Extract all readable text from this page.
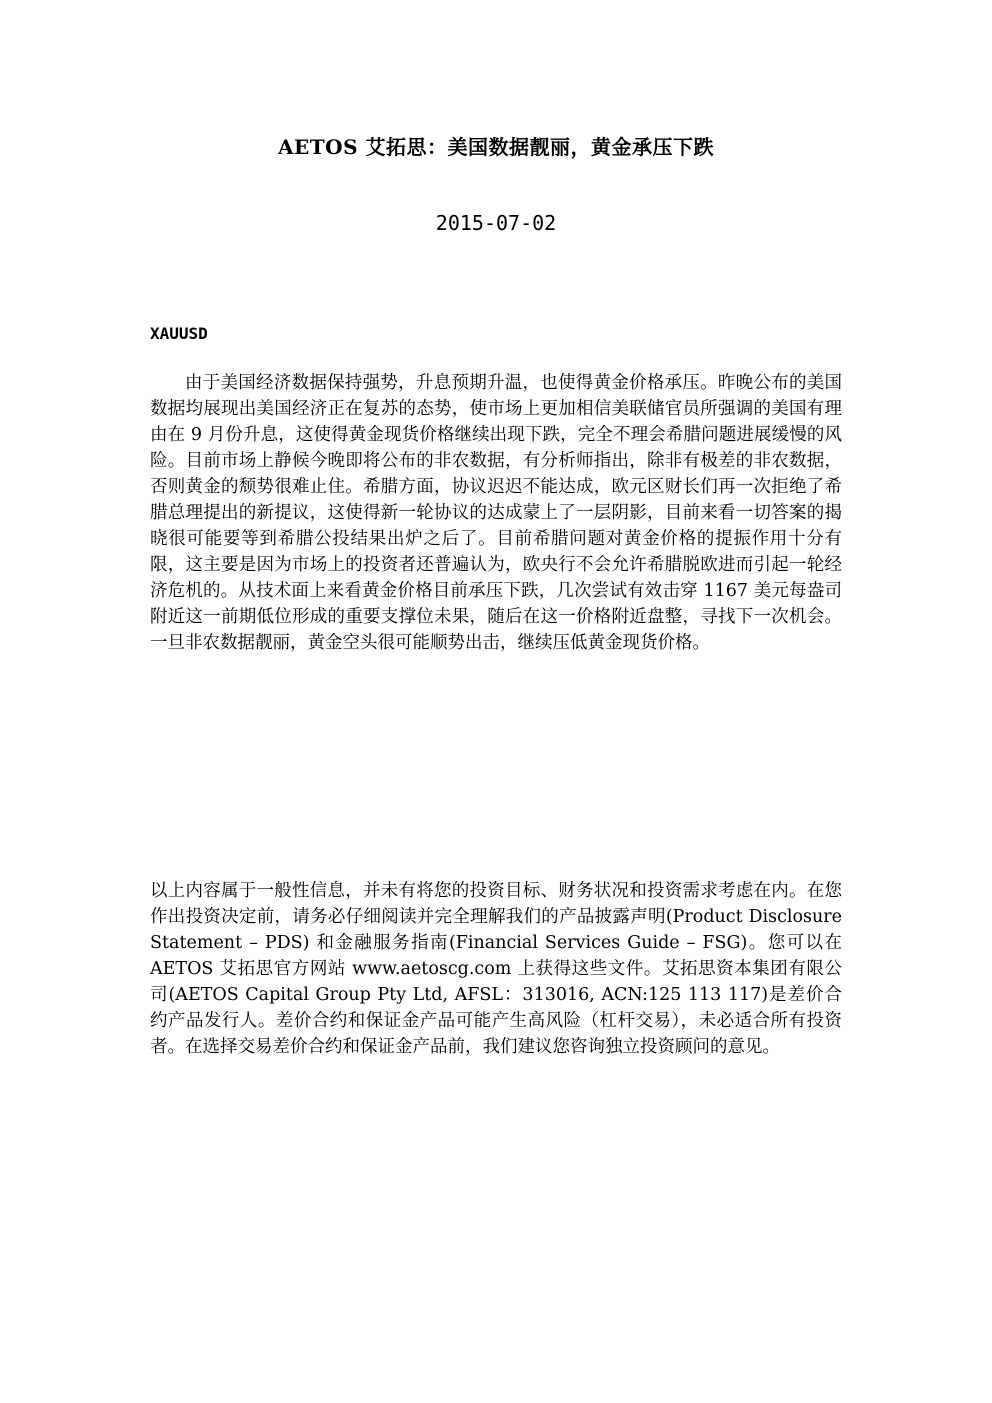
AETOS 艾拓思：美国数据靓丽，黄金承压下跌
2015-07-02
XAUUSD

由于美国经济数据保持强势，升息预期升温，也使得黄金价格承压。昨晚公布的美国数据均展现出美国经济正在复苏的态势，使市场上更加相信美联储官员所强调的美国有理由在 9 月份升息，这使得黄金现货价格继续出现下跌，完全不理会希腊问题进展缓慢的风险。目前市场上静候今晚即将公布的非农数据，有分析师指出，除非有极差的非农数据，否则黄金的颓势很难止住。希腊方面，协议迟迟不能达成，欧元区财长们再一次拒绝了希腊总理提出的新提议，这使得新一轮协议的达成蒙上了一层阴影，目前来看一切答案的揭晓很可能要等到希腊公投结果出炉之后了。目前希腊问题对黄金价格的提振作用十分有限，这主要是因为市场上的投资者还普遍认为，欧央行不会允许希腊脱欧进而引起一轮经济危机的。从技术面上来看黄金价格目前承压下跌，几次尝试有效击穿 1167 美元每盎司附近这一前期低位形成的重要支撑位未果，随后在这一价格附近盘整，寻找下一次机会。一旦非农数据靓丽，黄金空头很可能顺势出击，继续压低黄金现货价格。

以上内容属于一般性信息，并未有将您的投资目标、财务状况和投资需求考虑在内。在您作出投资决定前，请务必仔细阅读并完全理解我们的产品披露声明(Product Disclosure Statement – PDS) 和金融服务指南(Financial Services Guide – FSG)。您可以在 AETOS 艾拓思官方网站 www.aetoscg.com 上获得这些文件。艾拓思资本集团有限公司(AETOS Capital Group Pty Ltd, AFSL：313016, ACN:125 113 117)是差价合约产品发行人。差价合约和保证金产品可能产生高风险（杠杆交易），未必适合所有投资者。在选择交易差价合约和保证金产品前，我们建议您咨询独立投资顾问的意见。
